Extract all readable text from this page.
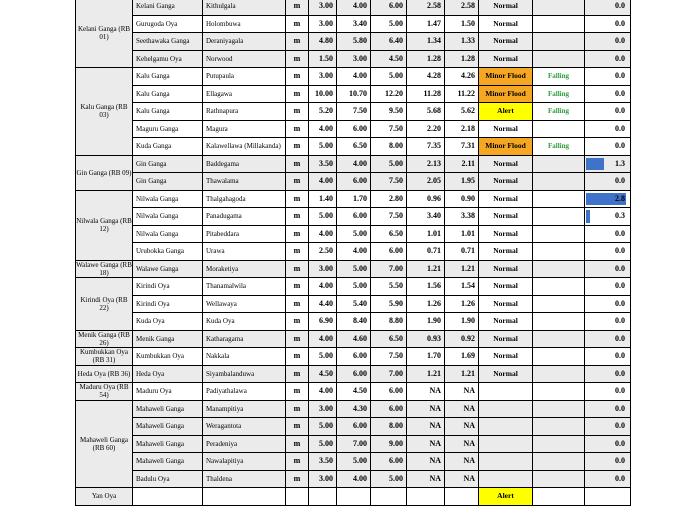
Kelani Ganga (RB 01)	Kelani Ganga	Kithulgala	m	3.00	4.00	6.00	2.58	2.58	Normal		0.0
	Gurugoda Oya	Holombuwa	m	3.00	3.40	5.00	1.47	1.50	Normal		0.0
	Seethawaka Ganga	Deraniyagala	m	4.80	5.80	6.40	1.34	1.33	Normal		0.0
	Kehelgamu Oya	Norwood	m	1.50	3.00	4.50	1.28	1.28	Normal		0.0
Kalu Ganga (RB 03)	Kalu Ganga	Putupaula	m	3.00	4.00	5.00	4.28	4.26	Minor Flood	Falling	0.0
	Kalu Ganga	Ellagawa	m	10.00	10.70	12.20	11.28	11.22	Minor Flood	Falling	0.0
	Kalu Ganga	Rathnapura	m	5.20	7.50	9.50	5.68	5.62	Alert	Falling	0.0
	Maguru Ganga	Magura	m	4.00	6.00	7.50	2.20	2.18	Normal		0.0
	Kuda Ganga	Kalawellawa (Millakanda)	m	5.00	6.50	8.00	7.35	7.31	Minor Flood	Falling	0.0
Gin Ganga (RB 09)	Gin Ganga	Baddegama	m	3.50	4.00	5.00	2.13	2.11	Normal		1.3
	Gin Ganga	Thawalama	m	4.00	6.00	7.50	2.05	1.95	Normal		0.0
Nilwala Ganga (RB 12)	Nilwala Ganga	Thalgahagoda	m	1.40	1.70	2.80	0.96	0.90	Normal		2.8
	Nilwala Ganga	Panadugama	m	5.00	6.00	7.50	3.40	3.38	Normal		0.3
	Nilwala Ganga	Pitabeddara	m	4.00	5.00	6.50	1.01	1.01	Normal		0.0
	Urubokka Ganga	Urawa	m	2.50	4.00	6.00	0.71	0.71	Normal		0.0
Walawe Ganga (RB 18)	Walawe Ganga	Moraketiya	m	3.00	5.00	7.00	1.21	1.21	Normal		0.0
Kirindi Oya (RB 22)	Kirindi Oya	Thanamalwila	m	4.00	5.00	5.50	1.56	1.54	Normal		0.0
	Kirindi Oya	Wellawaya	m	4.40	5.40	5.90	1.26	1.26	Normal		0.0
	Kuda Oya	Kuda Oya	m	6.90	8.40	8.80	1.90	1.90	Normal		0.0
Menik Ganga (RB 26)	Menik Ganga	Katharagama	m	4.00	4.60	6.50	0.93	0.92	Normal		0.0
Kumbukkan Oya (RB 31)	Kumbukkan Oya	Nakkala	m	5.00	6.00	7.50	1.70	1.69	Normal		0.0
Heda Oya (RB 36)	Heda Oya	Siyambalanduwa	m	4.50	6.00	7.00	1.21	1.21	Normal		0.0
Maduru Oya (RB 54)	Maduru Oya	Padiyathalawa	m	4.00	4.50	6.00	NA	NA			0.0
Mahaweli Ganga (RB 60)	Mahaweli Ganga	Manampitiya	m	3.00	4.30	6.00	NA	NA			0.0
	Mahaweli Ganga	Weragantota	m	5.00	6.00	8.00	NA	NA			0.0
	Mahaweli Ganga	Peradeniya	m	5.00	7.00	9.00	NA	NA			0.0
	Mahaweli Ganga	Nawalapitiya	m	3.50	5.00	6.00	NA	NA			0.0
	Badulu Oya	Thaldena	m	3.00	4.00	5.00	NA	NA			0.0
Yan Oya									Alert		
